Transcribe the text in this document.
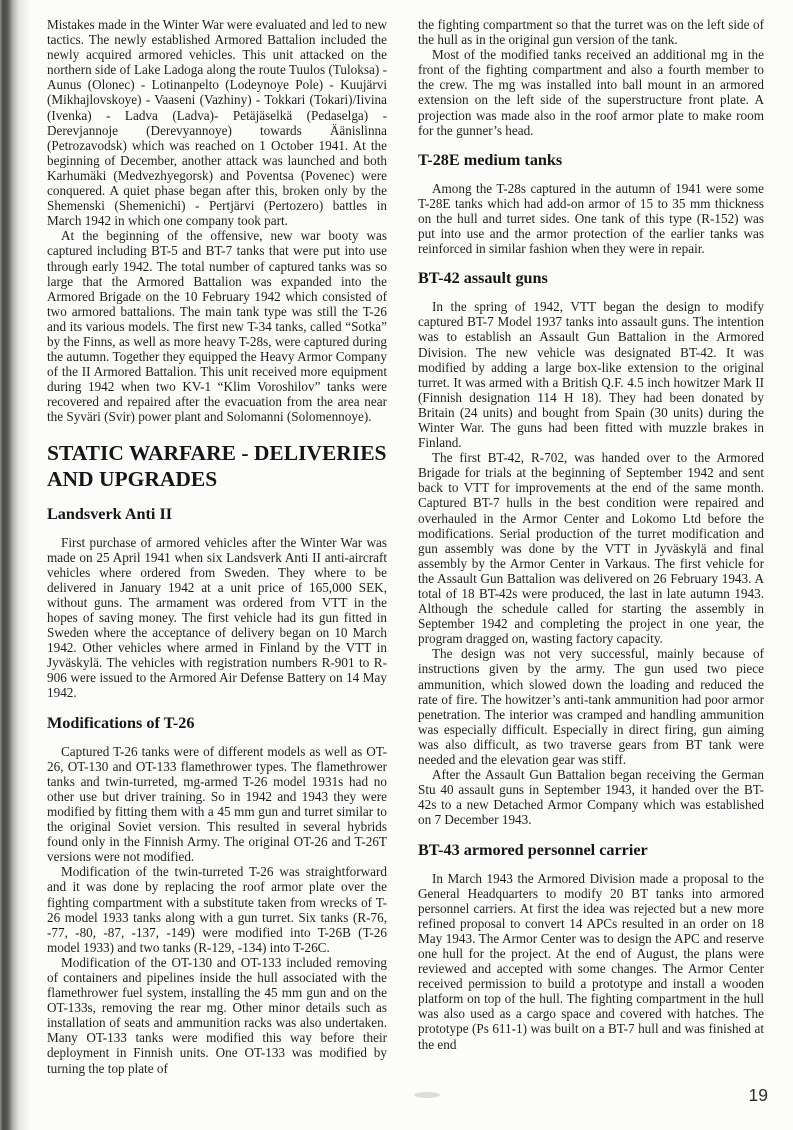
Mistakes made in the Winter War were evaluated and led to new tactics. The newly established Armored Battalion included the newly acquired armored vehicles. This unit attacked on the northern side of Lake Ladoga along the route Tuulos (Tuloksa) - Aunus (Olonec) - Lotinanpelto (Lodeynoye Pole) - Kuujärvi (Mikhajlovskoye) - Vaaseni (Vazhiny) - Tokkari (Tokari)/Iivina (Ivenka) - Ladva (Ladva)- Petäjäselkä (Pedaselga) - Derevjannoje (Derevyannoye) towards Äänislinna (Petrozavodsk) which was reached on 1 October 1941. At the beginning of December, another attack was launched and both Karhumäki (Medvezhyegorsk) and Poventsa (Povenec) were conquered. A quiet phase began after this, broken only by the Shemenski (Shemenichi) - Pertjärvi (Pertozero) battles in March 1942 in which one company took part.

At the beginning of the offensive, new war booty was captured including BT-5 and BT-7 tanks that were put into use through early 1942. The total number of captured tanks was so large that the Armored Battalion was expanded into the Armored Brigade on the 10 February 1942 which consisted of two armored battalions. The main tank type was still the T-26 and its various models. The first new T-34 tanks, called “Sotka” by the Finns, as well as more heavy T-28s, were captured during the autumn. Together they equipped the Heavy Armor Company of the II Armored Battalion. This unit received more equipment during 1942 when two KV-1 “Klim Voroshilov” tanks were recovered and repaired after the evacuation from the area near the Syväri (Svir) power plant and Solomanni (Solomennoye).

STATIC WARFARE - DELIVERIES AND UPGRADES
Landsverk Anti II

First purchase of armored vehicles after the Winter War was made on 25 April 1941 when six Landsverk Anti II anti-aircraft vehicles where ordered from Sweden. They where to be delivered in January 1942 at a unit price of 165,000 SEK, without guns. The armament was ordered from VTT in the hopes of saving money. The first vehicle had its gun fitted in Sweden where the acceptance of delivery began on 10 March 1942. Other vehicles where armed in Finland by the VTT in Jyväskylä. The vehicles with registration numbers R-901 to R-906 were issued to the Armored Air Defense Battery on 14 May 1942.

Modifications of T-26

Captured T-26 tanks were of different models as well as OT-26, OT-130 and OT-133 flamethrower types. The flamethrower tanks and twin-turreted, mg-armed T-26 model 1931s had no other use but driver training. So in 1942 and 1943 they were modified by fitting them with a 45 mm gun and turret similar to the original Soviet version. This resulted in several hybrids found only in the Finnish Army. The original OT-26 and T-26T versions were not modified.

Modification of the twin-turreted T-26 was straightforward and it was done by replacing the roof armor plate over the fighting compartment with a substitute taken from wrecks of T-26 model 1933 tanks along with a gun turret. Six tanks (R-76, -77, -80, -87, -137, -149) were modified into T-26B (T-26 model 1933) and two tanks (R-129, -134) into T-26C.

Modification of the OT-130 and OT-133 included removing of containers and pipelines inside the hull associated with the flamethrower fuel system, installing the 45 mm gun and on the OT-133s, removing the rear mg. Other minor details such as installation of seats and ammunition racks was also undertaken. Many OT-133 tanks were modified this way before their deployment in Finnish units. One OT-133 was modified by turning the top plate of

the fighting compartment so that the turret was on the left side of the hull as in the original gun version of the tank.

Most of the modified tanks received an additional mg in the front of the fighting compartment and also a fourth member to the crew. The mg was installed into ball mount in an armored extension on the left side of the superstructure front plate. A projection was made also in the roof armor plate to make room for the gunner’s head.

T-28E medium tanks

Among the T-28s captured in the autumn of 1941 were some T-28E tanks which had add-on armor of 15 to 35 mm thickness on the hull and turret sides. One tank of this type (R-152) was put into use and the armor protection of the earlier tanks was reinforced in similar fashion when they were in repair.

BT-42 assault guns

In the spring of 1942, VTT began the design to modify captured BT-7 Model 1937 tanks into assault guns. The intention was to establish an Assault Gun Battalion in the Armored Division. The new vehicle was designated BT-42. It was modified by adding a large box-like extension to the original turret. It was armed with a British Q.F. 4.5 inch howitzer Mark II (Finnish designation 114 H 18). They had been donated by Britain (24 units) and bought from Spain (30 units) during the Winter War. The guns had been fitted with muzzle brakes in Finland.

The first BT-42, R-702, was handed over to the Armored Brigade for trials at the beginning of September 1942 and sent back to VTT for improvements at the end of the same month. Captured BT-7 hulls in the best condition were repaired and overhauled in the Armor Center and Lokomo Ltd before the modifications. Serial production of the turret modification and gun assembly was done by the VTT in Jyväskylä and final assembly by the Armor Center in Varkaus. The first vehicle for the Assault Gun Battalion was delivered on 26 February 1943. A total of 18 BT-42s were produced, the last in late autumn 1943. Although the schedule called for starting the assembly in September 1942 and completing the project in one year, the program dragged on, wasting factory capacity.

The design was not very successful, mainly because of instructions given by the army. The gun used two piece ammunition, which slowed down the loading and reduced the rate of fire. The howitzer’s anti-tank ammunition had poor armor penetration. The interior was cramped and handling ammunition was especially difficult. Especially in direct firing, gun aiming was also difficult, as two traverse gears from BT tank were needed and the elevation gear was stiff.

After the Assault Gun Battalion began receiving the German Stu 40 assault guns in September 1943, it handed over the BT-42s to a new Detached Armor Company which was established on 7 December 1943.

BT-43 armored personnel carrier

In March 1943 the Armored Division made a proposal to the General Headquarters to modify 20 BT tanks into armored personnel carriers. At first the idea was rejected but a new more refined proposal to convert 14 APCs resulted in an order on 18 May 1943. The Armor Center was to design the APC and reserve one hull for the project. At the end of August, the plans were reviewed and accepted with some changes. The Armor Center received permission to build a prototype and install a wooden platform on top of the hull. The fighting compartment in the hull was also used as a cargo space and covered with hatches. The prototype (Ps 611-1) was built on a BT-7 hull and was finished at the end

19
